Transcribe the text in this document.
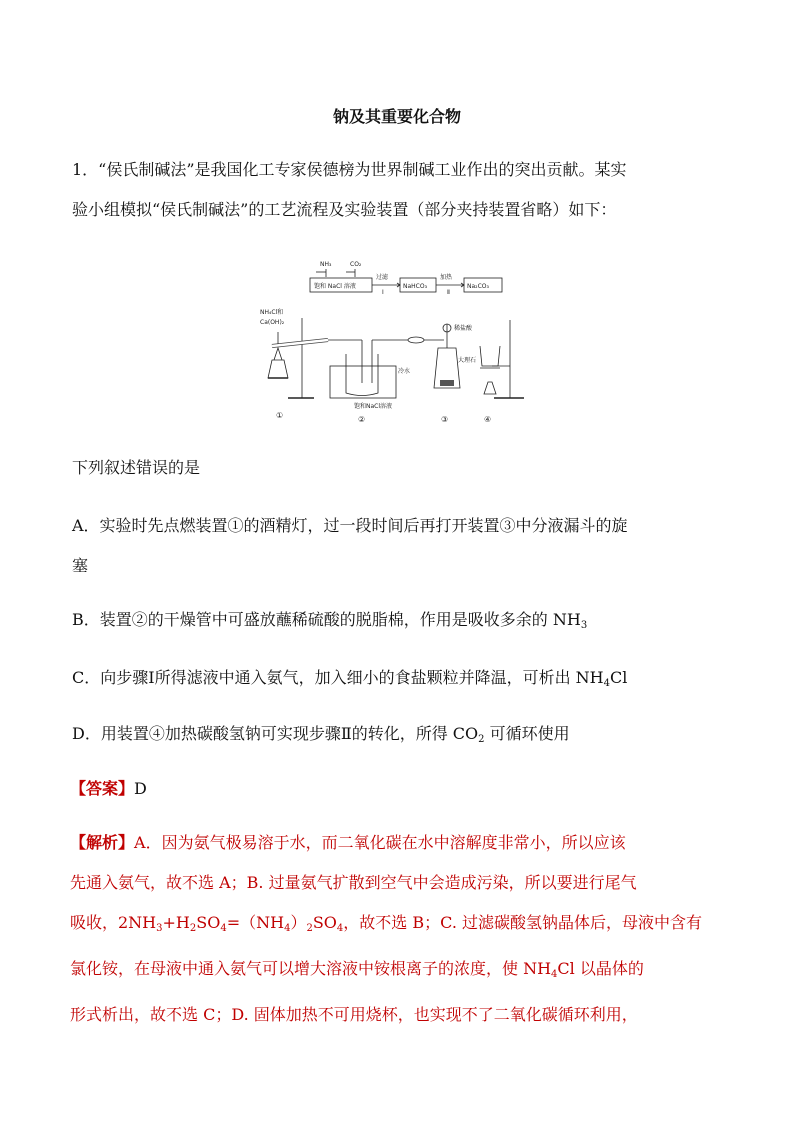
钠及其重要化合物
1．“侯氏制碱法”是我国化工专家侯德榜为世界制碱工业作出的突出贡献。某实
验小组模拟“侯氏制碱法”的工艺流程及实验装置（部分夹持装置省略）如下：
NH₃	CO₂
饱和 NaCl 溶液
过滤
Ⅰ
NaHCO₃
加热
Ⅱ
Na₂CO₃
NH₄Cl和
Ca(OH)₂
①
冷水
饱和NaCl溶液
②
稀盐酸
大理石
③	④
下列叙述错误的是
A．实验时先点燃装置①的酒精灯，过一段时间后再打开装置③中分液漏斗的旋
塞
B．装置②的干燥管中可盛放蘸稀硫酸的脱脂棉，作用是吸收多余的 $NH_3$
C．向步骤Ⅰ所得滤液中通入氨气，加入细小的食盐颗粒并降温，可析出 $NH_4Cl$
D．用装置④加热碳酸氢钠可实现步骤Ⅱ的转化，所得 $CO_2$ 可循环使用
【答案】D
【解析】A．因为氨气极易溶于水，而二氧化碳在水中溶解度非常小，所以应该
先通入氨气，故不选 A；B. 过量氨气扩散到空气中会造成污染，所以要进行尾气
吸收，$2NH_3+H_2SO_4=(NH_4)_2SO_4$，故不选 B；C. 过滤碳酸氢钠晶体后，母液中含有
氯化铵，在母液中通入氨气可以增大溶液中铵根离子的浓度，使 $NH_4Cl$ 以晶体的
形式析出，故不选 C；D. 固体加热不可用烧杯，也实现不了二氧化碳循环利用，
